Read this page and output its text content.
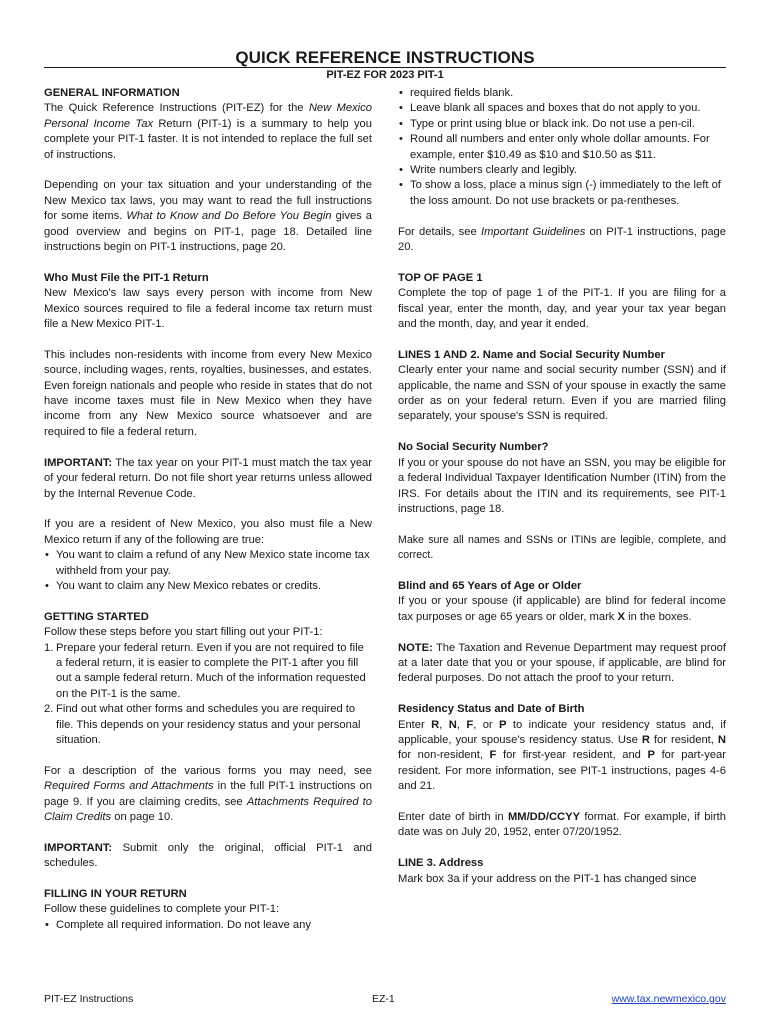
QUICK REFERENCE INSTRUCTIONS
PIT-EZ FOR 2023 PIT-1

GENERAL INFORMATION
The Quick Reference Instructions (PIT-EZ) for the New Mexico Personal Income Tax Return (PIT-1) is a summary to help you complete your PIT-1 faster. It is not intended to replace the full set of instructions.

Depending on your tax situation and your understanding of the New Mexico tax laws, you may want to read the full instructions for some items. What to Know and Do Before You Begin gives a good overview and begins on PIT-1, page 18. Detailed line instructions begin on PIT-1 instructions, page 20.

Who Must File the PIT-1 Return
New Mexico's law says every person with income from New Mexico sources required to file a federal income tax return must file a New Mexico PIT-1.

This includes non-residents with income from every New Mexico source, including wages, rents, royalties, businesses, and estates. Even foreign nationals and people who reside in states that do not have income taxes must file in New Mexico when they have income from any New Mexico source whatsoever and are required to file a federal return.

IMPORTANT: The tax year on your PIT-1 must match the tax year of your federal return. Do not file short year returns unless allowed by the Internal Revenue Code.

If you are a resident of New Mexico, you also must file a New Mexico return if any of the following are true:

• You want to claim a refund of any New Mexico state income tax withheld from your pay.
• You want to claim any New Mexico rebates or credits.

GETTING STARTED
Follow these steps before you start filling out your PIT-1:

1. Prepare your federal return. Even if you are not required to file a federal return, it is easier to complete the PIT-1 after you fill out a sample federal return. Much of the information requested on the PIT-1 is the same.
2. Find out what other forms and schedules you are required to file. This depends on your residency status and your personal situation.

For a description of the various forms you may need, see Required Forms and Attachments in the full PIT-1 instructions on page 9. If you are claiming credits, see Attachments Required to Claim Credits on page 10.

IMPORTANT: Submit only the original, official PIT-1 and schedules.

FILLING IN YOUR RETURN
Follow these guidelines to complete your PIT-1:

• Complete all required information. Do not leave any
• required fields blank.
• Leave blank all spaces and boxes that do not apply to you.
• Type or print using blue or black ink. Do not use a pen-cil.
• Round all numbers and enter only whole dollar amounts. For example, enter $10.49 as $10 and $10.50 as $11.
• Write numbers clearly and legibly.
• To show a loss, place a minus sign (-) immediately to the left of the loss amount. Do not use brackets or pa-rentheses.

For details, see Important Guidelines on PIT-1 instructions, page 20.

TOP OF PAGE 1
Complete the top of page 1 of the PIT-1. If you are filing for a fiscal year, enter the month, day, and year your tax year began and the month, day, and year it ended.

LINES 1 AND 2. Name and Social Security Number
Clearly enter your name and social security number (SSN) and if applicable, the name and SSN of your spouse in exactly the same order as on your federal return. Even if you are married filing separately, your spouse's SSN is required.

No Social Security Number?
If you or your spouse do not have an SSN, you may be eligible for a federal Individual Taxpayer Identification Number (ITIN) from the IRS. For details about the ITIN and its requirements, see PIT-1 instructions, page 18.

Make sure all names and SSNs or ITINs are legible, complete, and correct.

Blind and 65 Years of Age or Older
If you or your spouse (if applicable) are blind for federal income tax purposes or age 65 years or older, mark X in the boxes.

NOTE: The Taxation and Revenue Department may request proof at a later date that you or your spouse, if applicable, are blind for federal purposes. Do not attach the proof to your return.

Residency Status and Date of Birth
Enter R, N, F, or P to indicate your residency status and, if applicable, your spouse's residency status. Use R for resident, N for non-resident, F for first-year resident, and P for part-year resident. For more information, see PIT-1 instructions, pages 4-6 and 21.

Enter date of birth in MM/DD/CCYY format. For example, if birth date was on July 20, 1952, enter 07/20/1952.

LINE 3. Address
Mark box 3a if your address on the PIT-1 has changed since

PIT-EZ Instructions	EZ-1	www.tax.newmexico.gov
